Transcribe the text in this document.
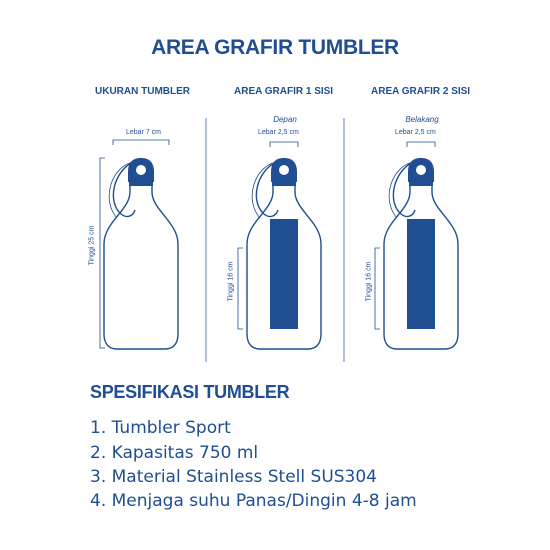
AREA GRAFIR TUMBLER
UKURAN TUMBLER	AREA GRAFIR 1 SISI	AREA GRAFIR 2 SISI
Depan	Belakang
Lebar 7 cm	Lebar 2,5 cm	Lebar 2,5 cm
Tinggi 25 cm
Tinggi 16 cm	Tinggi 16 cm
SPESIFIKASI TUMBLER
1. Tumbler Sport
2. Kapasitas 750 ml
3. Material Stainless Stell SUS304
4. Menjaga suhu Panas/Dingin 4-8 jam
